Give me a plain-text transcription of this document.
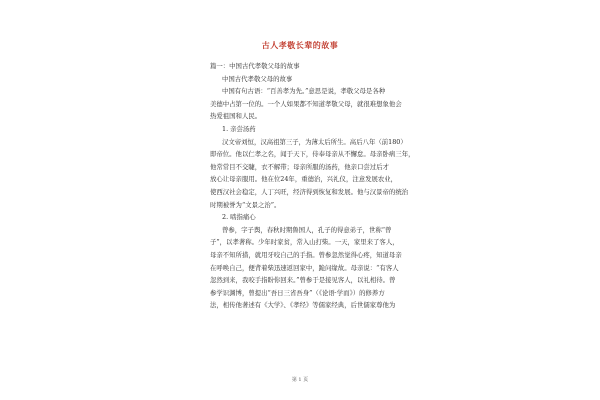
古人孝敬长辈的故事

篇一：中国古代孝敬父母的故事

中国古代孝敬父母的故事

中国有句古语：“百善孝为先。”意思是说，孝敬父母是各种

美德中占第一位的。一个人如果都不知道孝敬父母，就很难想象他会

热爱祖国和人民。

1. 亲尝汤药

汉文帝刘恒，汉高祖第三子，为薄太后所生。高后八年（前180）

即帝位。他以仁孝之名，闻于天下，侍奉母亲从不懈怠。母亲卧病三年，

他常常目不交睫，衣不解带；母亲所服的汤药，他亲口尝过后才

放心让母亲服用。他在位24年，重德治，兴礼仪，注意发展农业，

使西汉社会稳定，人丁兴旺，经济得到恢复和发展。他与汉景帝的统治

时期被誉为“文景之治”。

2. 啮指痛心

曾参，字子舆，春秋时期鲁国人，孔子的得意弟子，世称“曾

子”，以孝著称。少年时家贫，常入山打柴。一天，家里来了客人，

母亲不知所措，就用牙咬自己的手指。曾参忽然觉得心疼，知道母亲

在呼唤自己，便背着柴迅速返回家中，跪问缘故。母亲说：“有客人

忽然到来，我咬手指盼你回来。”曾参于是接见客人，以礼相待。曾

参学识渊博，曾提出“吾日三省吾身”（《论语·学而》）的修养方

法，相传他著述有《大学》、《孝经》等儒家经典，后世儒家尊他为

第 1 页
